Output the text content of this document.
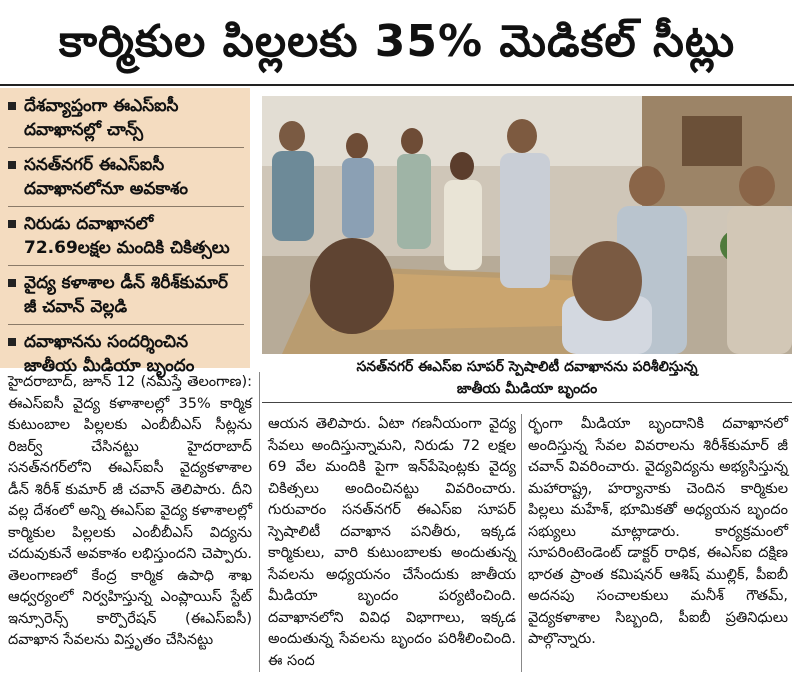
కార్మికుల పిల్లలకు 35% మెడికల్ సీట్లు
దేశవ్యాప్తంగా ఈఎస్ఐసీ దవాఖానల్లో చాన్స్
సనత్‌నగర్ ఈఎస్ఐసీ దవాఖానలోనూ అవకాశం
నిరుడు దవాఖానలో 72.69లక్షల మందికి చికిత్సలు
వైద్య కళాశాల డీన్ శిరీశ్‌కుమార్ జీ చవాన్ వెల్లడి
దవాఖానను సందర్శించిన జాతీయ మీడియా బృందం	సనత్‌నగర్ ఈఎస్ఐ సూపర్ స్పెషాలిటీ దవాఖానను పరిశీలిస్తున్న
జాతీయ మీడియా బృందం

హైదరాబాద్, జూన్ 12 (నమస్తే తెలంగాణ): ఈఎస్ఐసీ వైద్య కళాశాలల్లో 35% కార్మిక కుటుంబాల పిల్లలకు ఎంబీబీఎస్ సీట్లను రిజర్వ్ చేసినట్టు హైదరాబాద్ సనత్‌నగర్‌లోని ఈఎస్ఐసీ వైద్యకళాశాల డీన్ శిరీశ్ కుమార్ జీ చవాన్ తెలిపారు. దీని వల్ల దేశంలో అన్ని ఈఎస్ఐ వైద్య కళాశాలల్లో కార్మికుల పిల్లలకు ఎంబీబీఎస్ విద్యను చదువుకునే అవకాశం లభిస్తుందని చెప్పారు. తెలంగాణలో కేంద్ర కార్మిక ఉపాధి శాఖ ఆధ్వర్యంలో నిర్వహిస్తున్న ఎంప్లాయిస్ స్టేట్ ఇన్సూరెన్స్ కార్పొరేషన్ (ఈఎస్ఐసీ) దవాఖాన సేవలను విస్తృతం చేసినట్టు

ఆయన తెలిపారు. ఏటా గణనీయంగా వైద్య సేవలు అందిస్తున్నామని, నిరుడు 72 లక్షల 69 వేల మందికి పైగా ఇన్‌పేషెంట్లకు వైద్య చికిత్సలు అందించినట్టు వివరించారు. గురువారం సనత్‌నగర్ ఈఎస్ఐ సూపర్ స్పెషాలిటీ దవాఖాన పనితీరు, ఇక్కడ కార్మికులు, వారి కుటుంబాలకు అందుతున్న సేవలను అధ్యయనం చేసేందుకు జాతీయ మీడియా బృందం పర్యటించింది. దవాఖానలోని వివిధ విభాగాలు, ఇక్కడ అందుతున్న సేవలను బృందం పరిశీలించింది. ఈ సంద

ర్భంగా మీడియా బృందానికి దవాఖానలో అందిస్తున్న సేవల వివరాలను శిరీశ్‌కుమార్ జీ చవాన్ వివరించారు. వైద్యవిద్యను అభ్యసిస్తున్న మహారాష్ట్ర, హర్యానాకు చెందిన కార్మికుల పిల్లలు మహేశ్, భూమికతో అధ్యయన బృందం సభ్యులు మాట్లాడారు. కార్యక్రమంలో సూపరింటెండెంట్ డాక్టర్ రాధిక, ఈఎస్ఐ దక్షిణ భారత ప్రాంత కమిషనర్ ఆశిష్ ముల్లిక్, పీఐబీ అదనపు సంచాలకులు మనీశ్ గౌతమ్, వైద్యకళాశాల సిబ్బంది, పీఐబీ ప్రతినిధులు పాల్గొన్నారు.
